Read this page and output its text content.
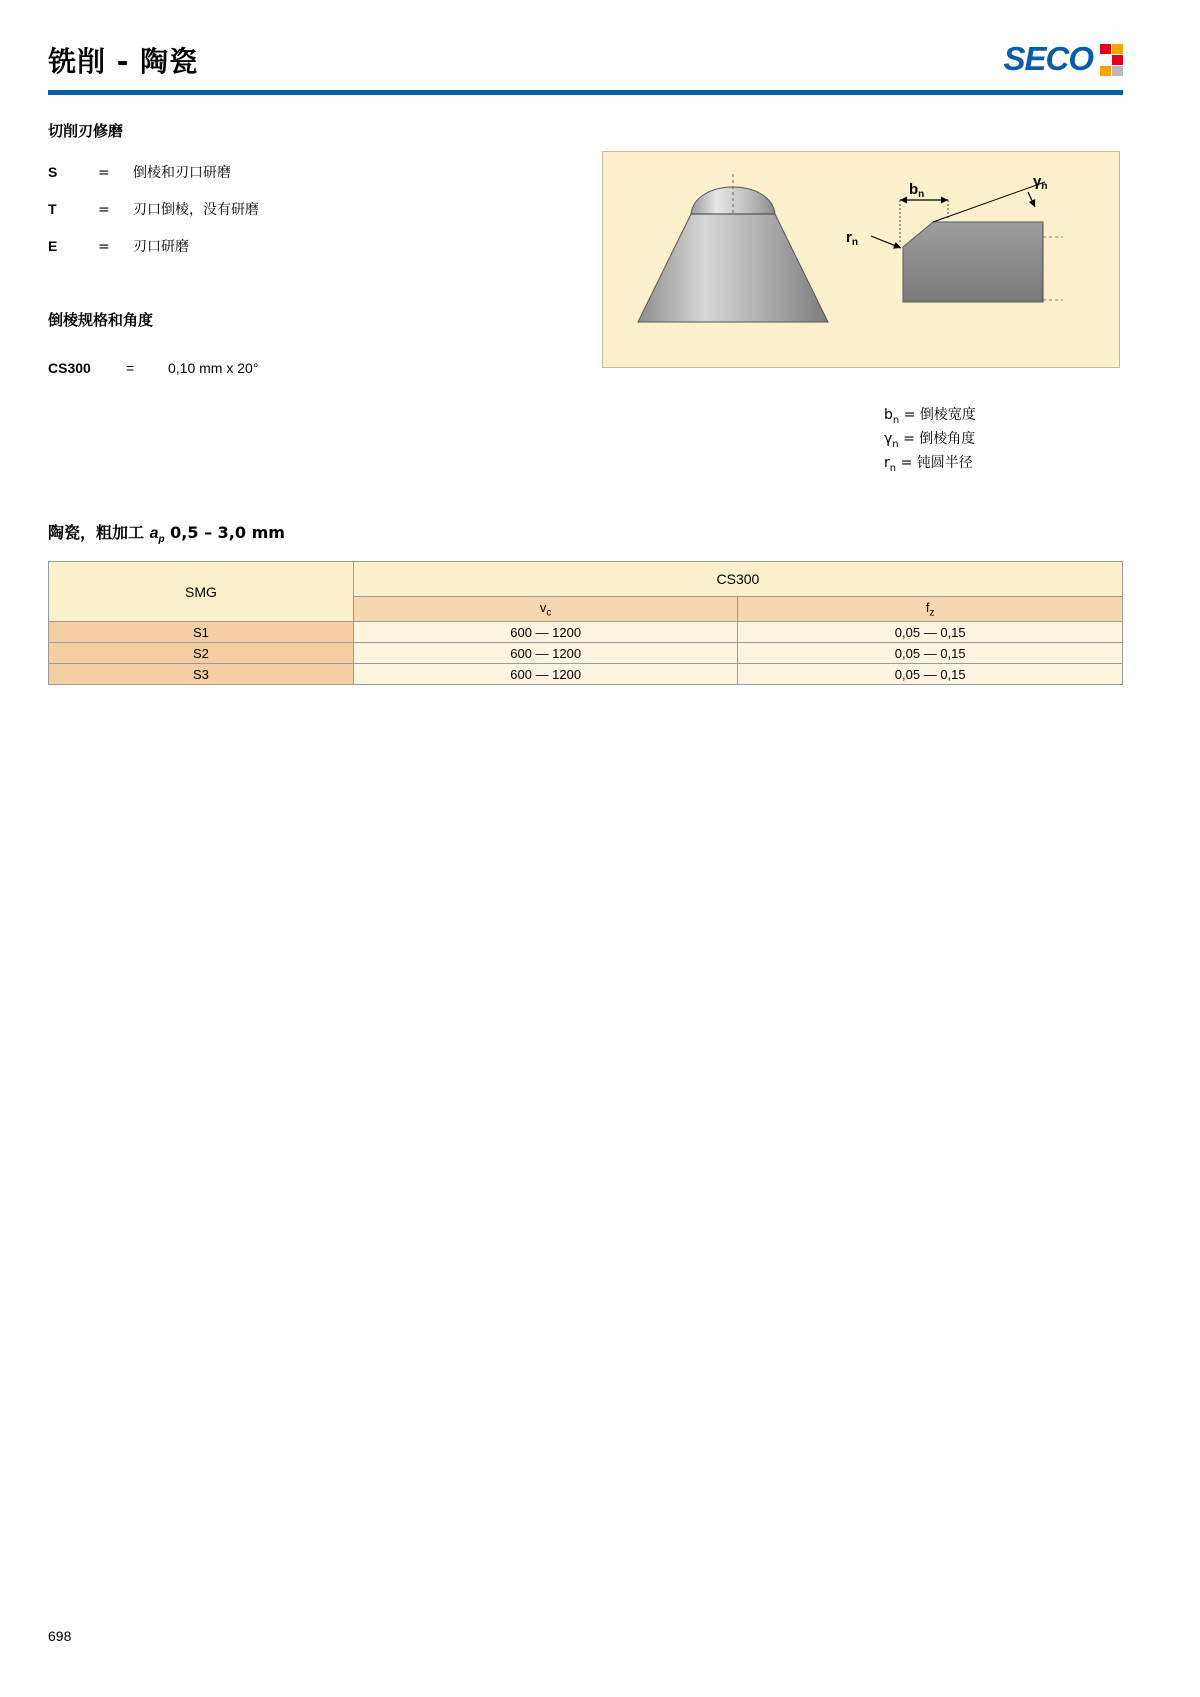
铣削 - 陶瓷	SECO
切削刃修磨
S	= 倒棱和刃口研磨
T	= 刃口倒棱，没有研磨
E	= 刃口研磨
倒棱规格和角度
CS300	= 0,10 mm x 20°
$b_n$
$\gamma_n$
$r_n$
$b_n$ = 倒棱宽度
$\gamma_n$ = 倒棱角度
$r_n$ = 钝圆半径
陶瓷，粗加工 $a_p$ 0,5 – 3,0 mm
SMG	CS300	
	$v_c$	$f_z$
S1	600 — 1200	0,05 — 0,15
S2	600 — 1200	0,05 — 0,15
S3	600 — 1200	0,05 — 0,15
698
